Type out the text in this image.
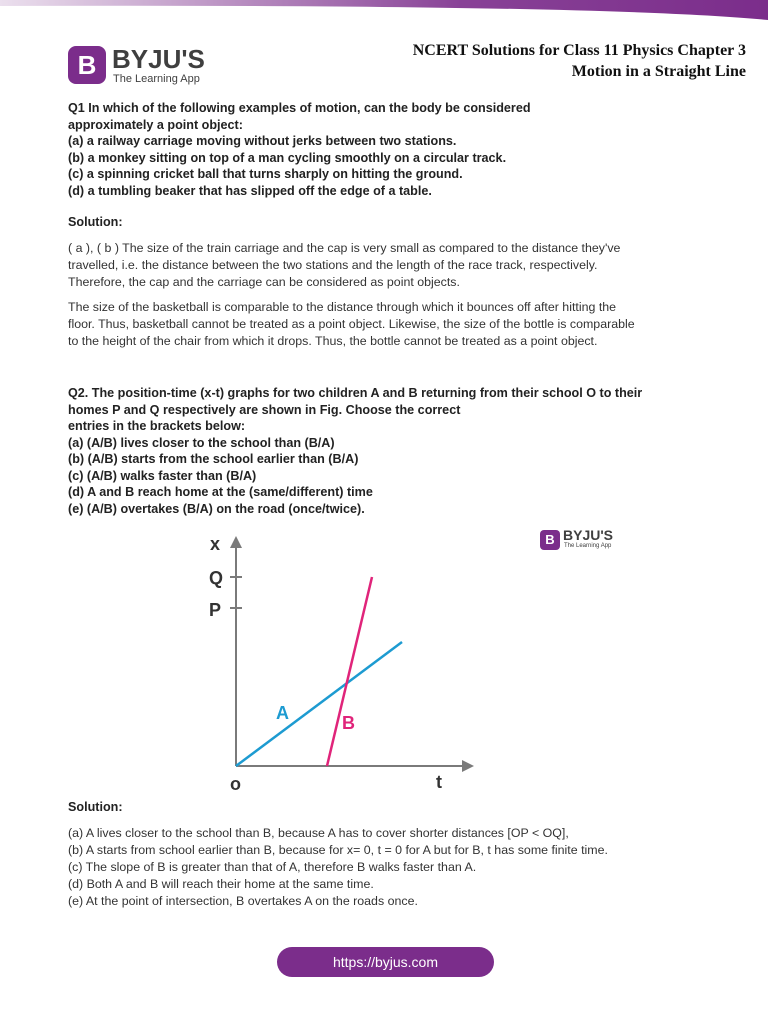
B BYJU'S
The Learning App
NCERT Solutions for Class 11 Physics Chapter 3
Motion in a Straight Line
Q1 In which of the following examples of motion, can the body be considered
approximately a point object:
(a) a railway carriage moving without jerks between two stations.
(b) a monkey sitting on top of a man cycling smoothly on a circular track.
(c) a spinning cricket ball that turns sharply on hitting the ground.
(d) a tumbling beaker that has slipped off the edge of a table.
Solution:
( a ), ( b ) The size of the train carriage and the cap is very small as compared to the distance they've
travelled, i.e. the distance between the two stations and the length of the race track, respectively.
Therefore, the cap and the carriage can be considered as point objects.
The size of the basketball is comparable to the distance through which it bounces off after hitting the
floor. Thus, basketball cannot be treated as a point object. Likewise, the size of the bottle is comparable
to the height of the chair from which it drops. Thus, the bottle cannot be treated as a point object.
Q2. The position-time (x-t) graphs for two children A and B returning from their school O to their
homes P and Q respectively are shown in Fig. Choose the correct
entries in the brackets below:
(a) (A/B) lives closer to the school than (B/A)
(b) (A/B) starts from the school earlier than (B/A)
(c) (A/B) walks faster than (B/A)
(d) A and B reach home at the (same/different) time
(e) (A/B) overtakes (B/A) on the road (once/twice).
x
Q
P
o	t
A	B
B BYJU'S
The Learning App
Solution:
(a) A lives closer to the school than B, because A has to cover shorter distances [OP < OQ],
(b) A starts from school earlier than B, because for x= 0, t = 0 for A but for B, t has some finite time.
(c) The slope of B is greater than that of A, therefore B walks faster than A.
(d) Both A and B will reach their home at the same time.
(e) At the point of intersection, B overtakes A on the roads once.
https://byjus.com
